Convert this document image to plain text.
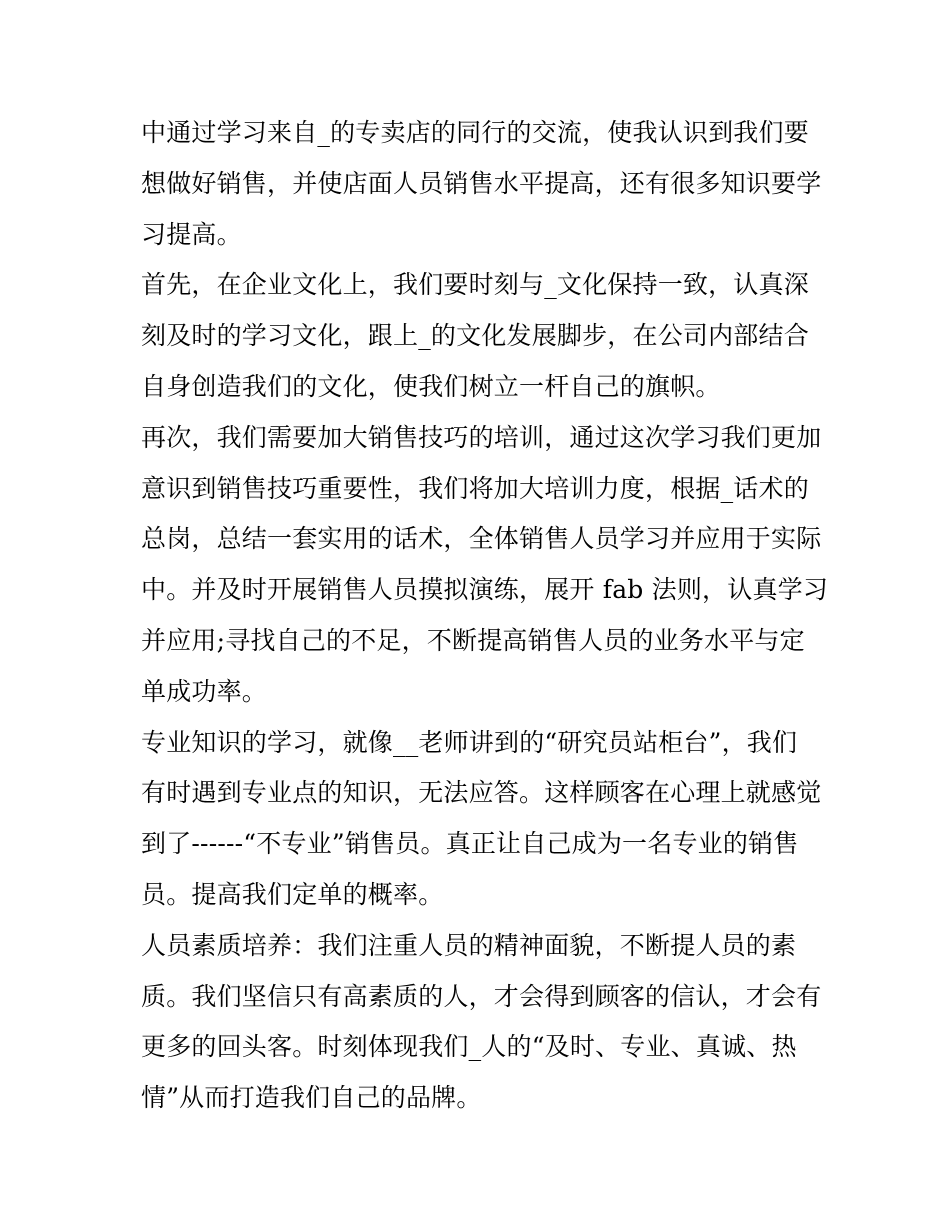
中通过学习来自_的专卖店的同行的交流，使我认识到我们要
想做好销售，并使店面人员销售水平提高，还有很多知识要学
习提高。
首先，在企业文化上，我们要时刻与_文化保持一致，认真深
刻及时的学习文化，跟上_的文化发展脚步，在公司内部结合
自身创造我们的文化，使我们树立一杆自己的旗帜。
再次，我们需要加大销售技巧的培训，通过这次学习我们更加
意识到销售技巧重要性，我们将加大培训力度，根据_话术的
总岗，总结一套实用的话术，全体销售人员学习并应用于实际
中。并及时开展销售人员摸拟演练，展开 fab 法则，认真学习
并应用;寻找自己的不足，不断提高销售人员的业务水平与定
单成功率。
专业知识的学习，就像__老师讲到的“研究员站柜台”，我们
有时遇到专业点的知识，无法应答。这样顾客在心理上就感觉
到了------“不专业”销售员。真正让自己成为一名专业的销售
员。提高我们定单的概率。
人员素质培养：我们注重人员的精神面貌，不断提人员的素
质。我们坚信只有高素质的人，才会得到顾客的信认，才会有
更多的回头客。时刻体现我们_人的“及时、专业、真诚、热
情”从而打造我们自己的品牌。
